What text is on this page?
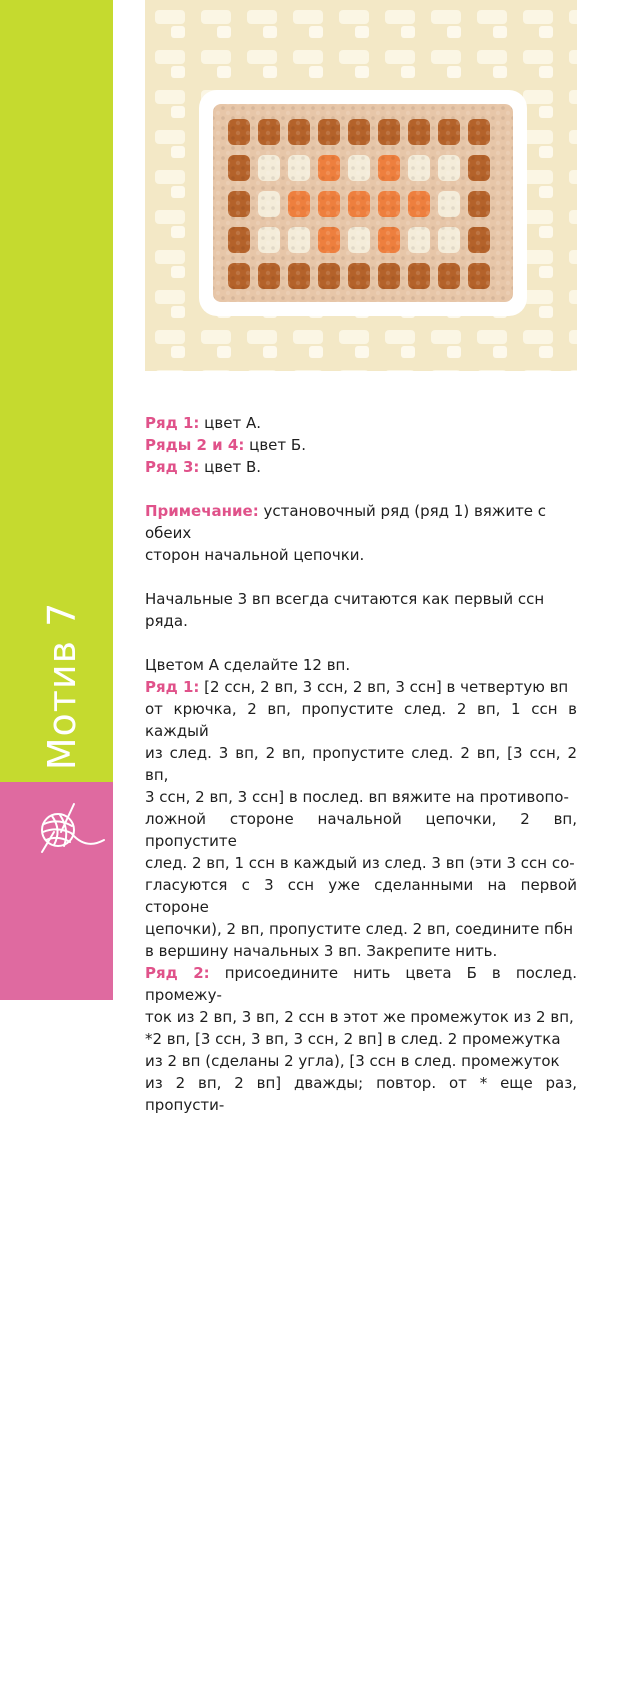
Мотив 7
20

Ряд 1: цвет А.

Ряды 2 и 4: цвет Б.

Ряд 3: цвет В.

Примечание: установочный ряд (ряд 1) вяжите с обеих

сторон начальной цепочки.

Начальные 3 вп всегда считаются как первый ссн ряда.

Цветом А сделайте 12 вп.

Ряд 1: [2 ссн, 2 вп, 3 ссн, 2 вп, 3 ссн] в четвертую вп

от крючка, 2 вп, пропустите след. 2 вп, 1 ссн в каждый

из след. 3 вп, 2 вп, пропустите след. 2 вп, [3 ссн, 2 вп,

3 ссн, 2 вп, 3 ссн] в послед. вп вяжите на противопо-

ложной стороне начальной цепочки, 2 вп, пропустите

след. 2 вп, 1 ссн в каждый из след. 3 вп (эти 3 ссн со-

гласуются с 3 ссн уже сделанными на первой стороне

цепочки), 2 вп, пропустите след. 2 вп, соедините пбн

в вершину начальных 3 вп. Закрепите нить.

Ряд 2: присоедините нить цвета Б в послед. промежу-

ток из 2 вп, 3 вп, 2 ссн в этот же промежуток из 2 вп,

*2 вп, [3 ссн, 3 вп, 3 ссн, 2 вп] в след. 2 промежутка

из 2 вп (сделаны 2 угла), [3 ссн в след. промежуток

из 2 вп, 2 вп] дважды; повтор. от * еще раз, пропусти-
